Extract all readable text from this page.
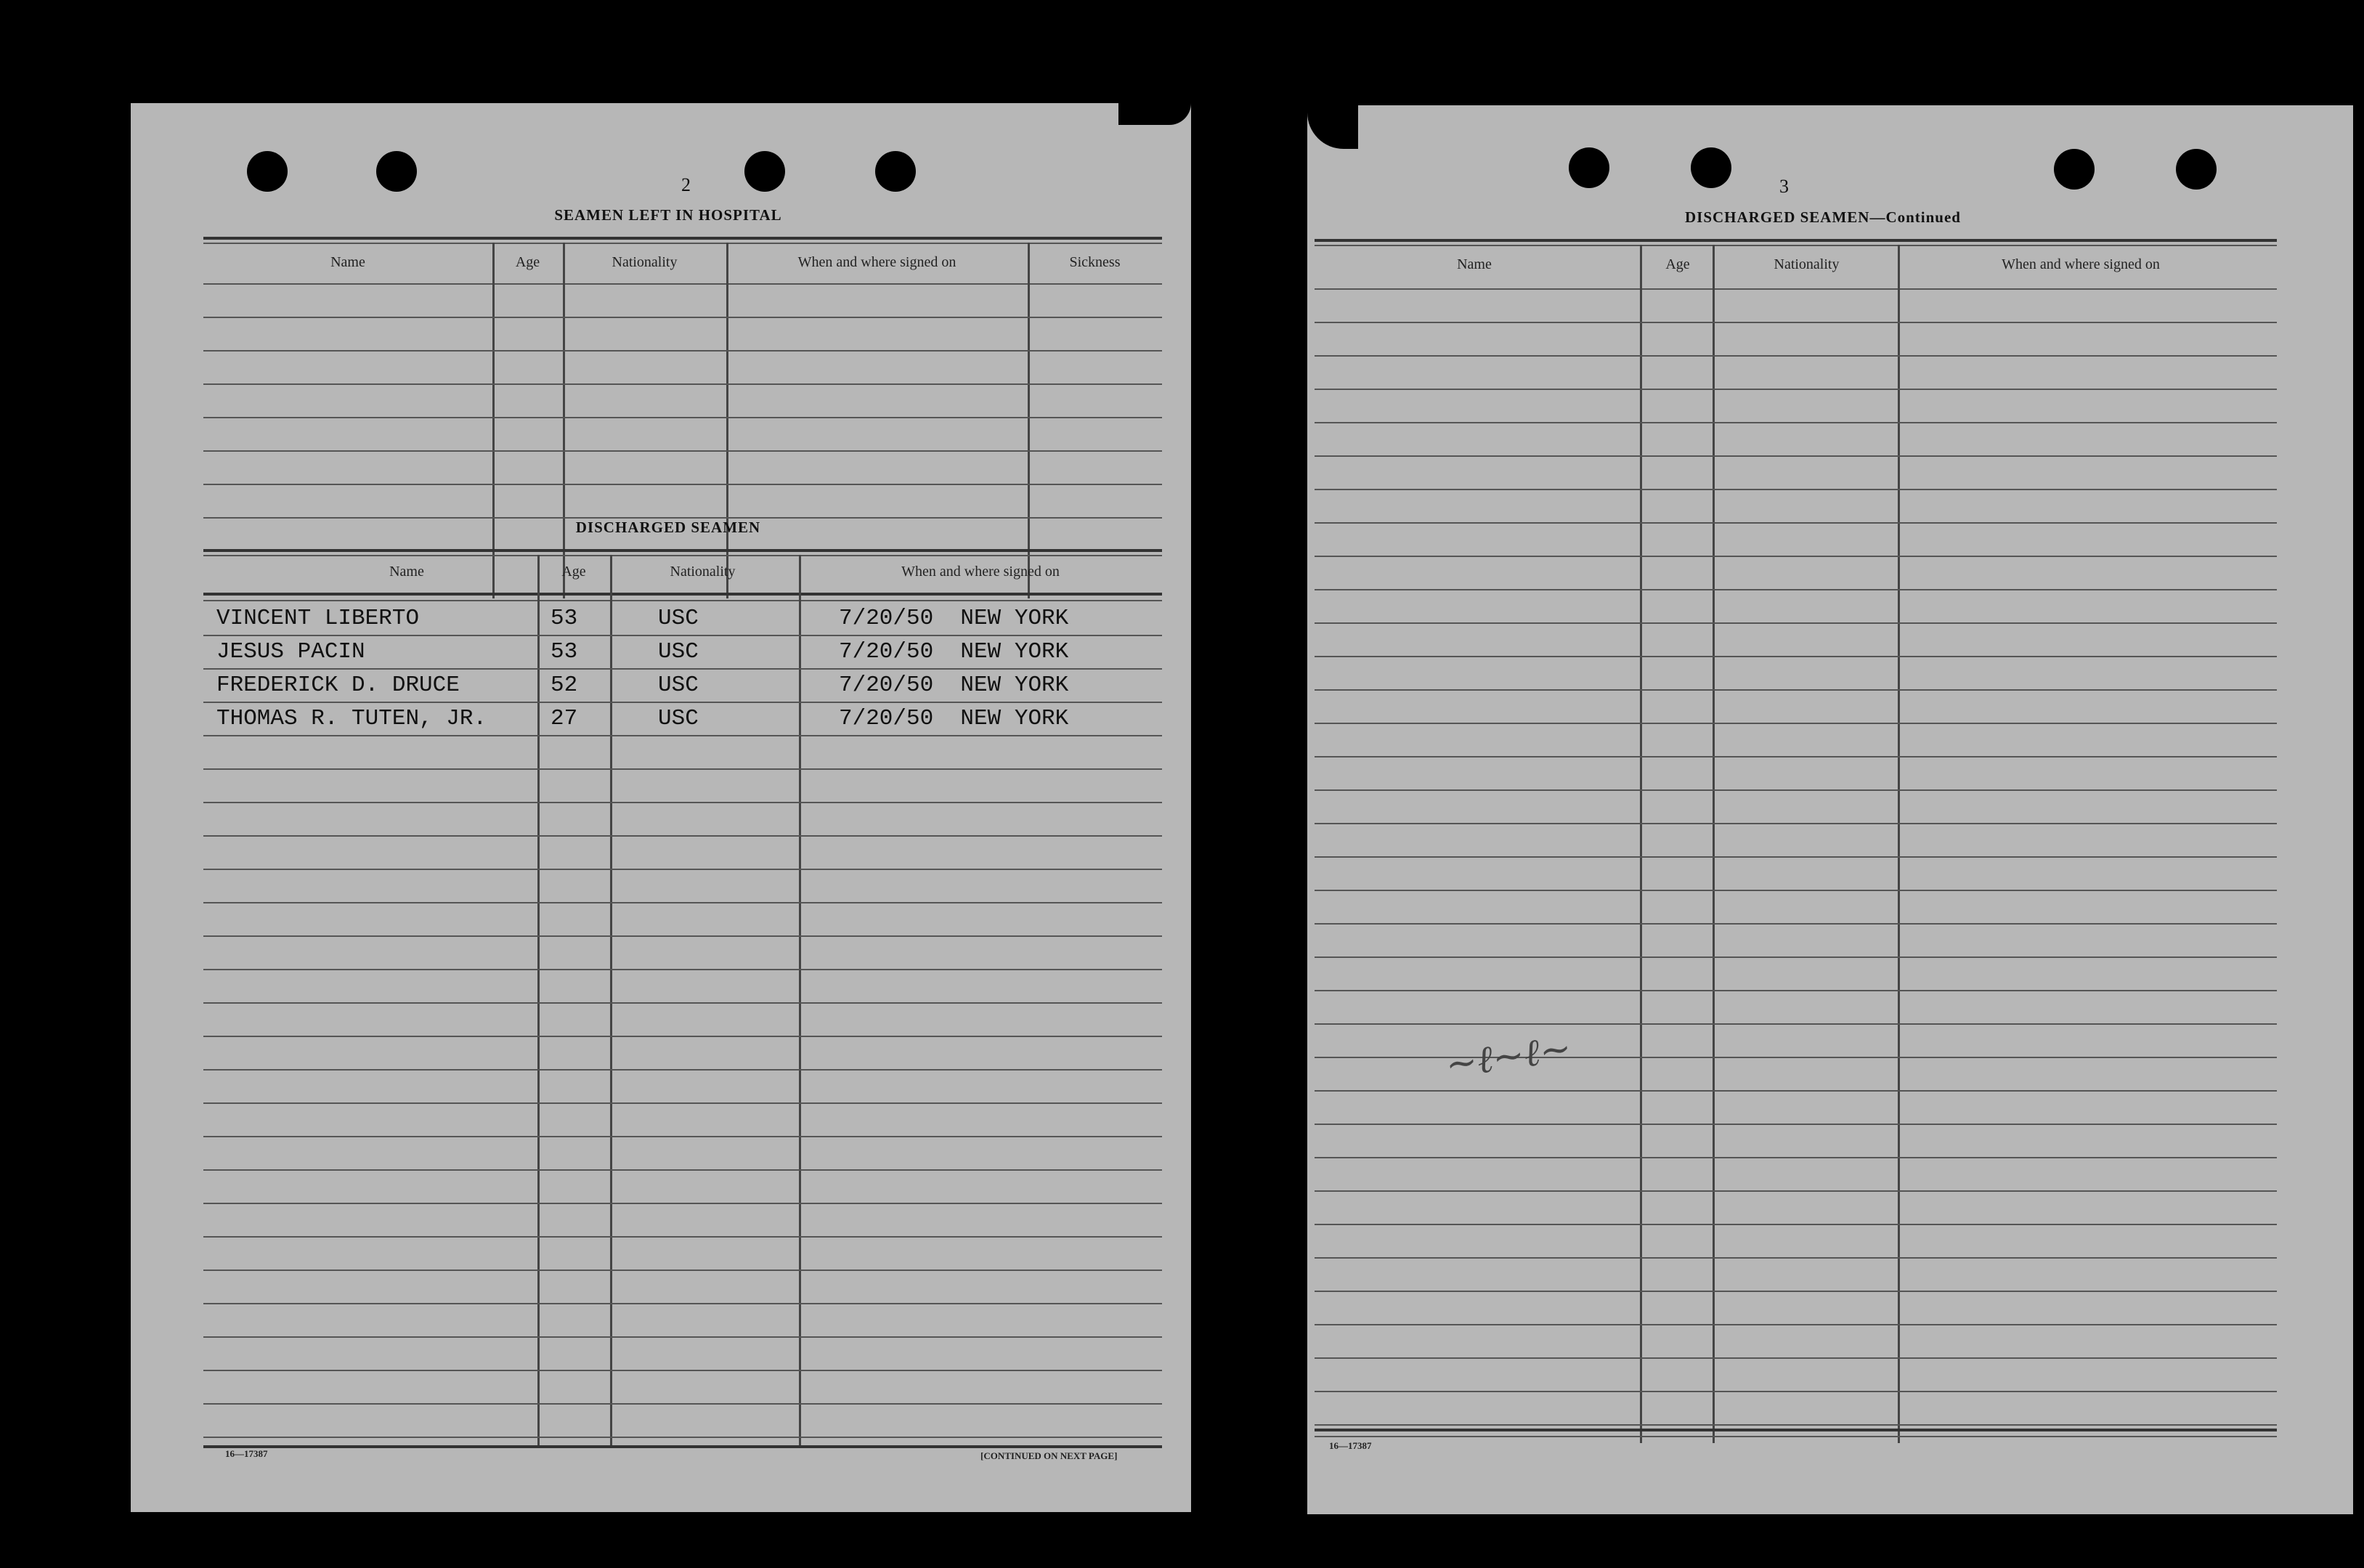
2
SEAMEN LEFT IN HOSPITAL
Name	Age	Nationality	When and where signed on	Sickness
DISCHARGED SEAMEN
Name	Age	Nationality	When and where signed on
VINCENT LIBERTO	53	USC	7/20/50  NEW YORK
JESUS PACIN	53	USC	7/20/50  NEW YORK
FREDERICK D. DRUCE	52	USC	7/20/50  NEW YORK
THOMAS R. TUTEN, JR.	27	USC	7/20/50  NEW YORK
16—17387	[CONTINUED ON NEXT PAGE]
3
DISCHARGED SEAMEN—Continued
Name	Age	Nationality	When and where signed on
~ℓ~ℓ~
16—17387
